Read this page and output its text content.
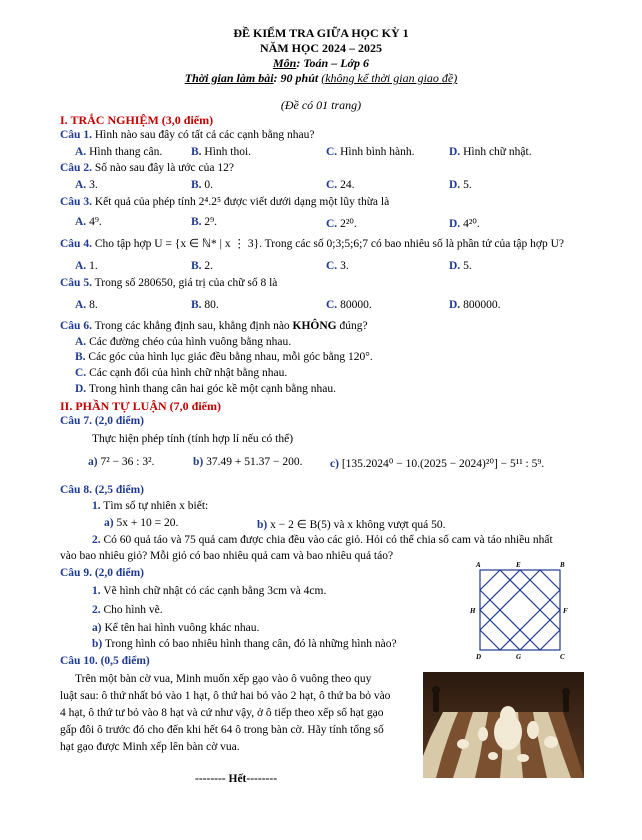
ĐỀ KIỂM TRA GIỮA HỌC KỲ 1
NĂM HỌC 2024 – 2025
Môn: Toán – Lớp 6
Thời gian làm bài: 90 phút (không kể thời gian giao đề)
(Đề có 01 trang)
I. TRẮC NGHIỆM (3,0 điểm)
Câu 1. Hình nào sau đây có tất cả các cạnh bằng nhau?
A. Hình thang cân.	B. Hình thoi.	C. Hình bình hành.	D. Hình chữ nhật.
Câu 2. Số nào sau đây là ước của 12?
A. 3.	B. 0.	C. 24.	D. 5.
Câu 3. Kết quả của phép tính 2⁴.2⁵ được viết dưới dạng một lũy thừa là
A. 4⁹.	B. 2⁹.	C. 2²⁰.	D. 4²⁰.
Câu 4. Cho tập hợp U = {x ∈ ℕ* | x ⋮ 3}. Trong các số 0;3;5;6;7 có bao nhiêu số là phần tử của tập hợp U?
A. 1.	B. 2.	C. 3.	D. 5.
Câu 5. Trong số 280650, giá trị của chữ số 8 là
A. 8.	B. 80.	C. 80000.	D. 800000.
Câu 6. Trong các khẳng định sau, khẳng định nào KHÔNG đúng?
A. Các đường chéo của hình vuông bằng nhau.
B. Các góc của hình lục giác đều bằng nhau, mỗi góc bằng 120°.
C. Các cạnh đối của hình chữ nhật bằng nhau.
D. Trong hình thang cân hai góc kề một cạnh bằng nhau.
II. PHẦN TỰ LUẬN (7,0 điểm)
Câu 7. (2,0 điểm)
Thực hiện phép tính (tính hợp lí nếu có thể)
a) 7² − 36 : 3².	b) 37.49 + 51.37 − 200. c) [135.2024⁰ − 10.(2025 − 2024)²⁰] − 5¹¹ : 5⁹.
Câu 8. (2,5 điểm)
1. Tìm số tự nhiên x biết:
a) 5x + 10 = 20.	b) x − 2 ∈ B(5) và x không vượt quá 50.
2. Có 60 quả táo và 75 quả cam được chia đều vào các giỏ. Hỏi có thể chia số cam và táo nhiều nhất
vào bao nhiêu giỏ? Mỗi giỏ có bao nhiêu quả cam và bao nhiêu quả táo?
Câu 9. (2,0 điểm)
1. Vẽ hình chữ nhật có các cạnh bằng 3cm và 4cm.
2. Cho hình vẽ.
a) Kể tên hai hình vuông khác nhau.
b) Trong hình có bao nhiêu hình thang cân, đó là những hình nào?
A	E	B
H	F
D	G	C
Câu 10. (0,5 điểm)
Trên một bàn cờ vua, Minh muốn xếp gạo vào ô vuông theo quy
luật sau: ô thứ nhất bỏ vào 1 hạt, ô thứ hai bỏ vào 2 hạt, ô thứ ba bỏ vào
4 hạt, ô thứ tư bỏ vào 8 hạt và cứ như vậy, ở ô tiếp theo xếp số hạt gạo
gấp đôi ô trước đó cho đến khi hết 64 ô trong bàn cờ. Hãy tính tổng số
hạt gạo được Minh xếp lên bàn cờ vua.
-------- Hết--------
